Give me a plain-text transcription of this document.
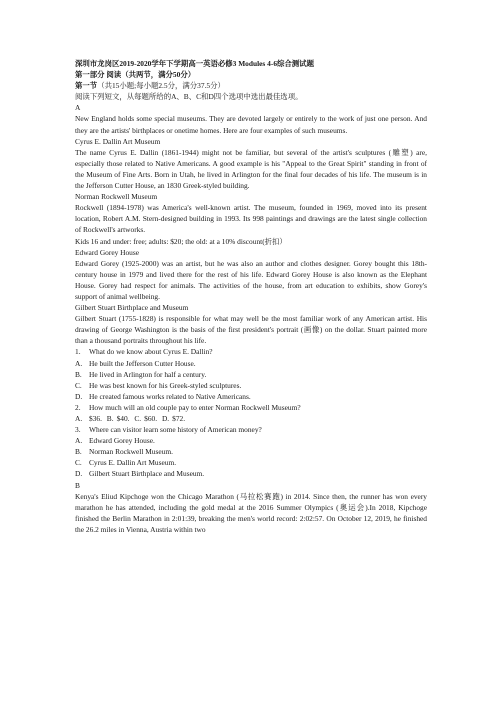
深圳市龙岗区2019-2020学年下学期高一英语必修3 Modules 4-6综合测试题

第一部分 阅读（共两节，满分50分）

第一节（共15小题;每小题2.5分，满分37.5分）

阅读下列短文，从每题所给的A、B、C和D四个选项中选出最佳选项。

A

New England holds some special museums. They are devoted largely or entirely to the work of just one person. And they are the artists' birthplaces or onetime homes. Here are four examples of such museums.

Cyrus E. Dallin Art Museum

The name Cyrus E. Dallin (1861-1944) might not be familiar, but several of the artist's sculptures (雕塑) are, especially those related to Native Americans. A good example is his "Appeal to the Great Spirit" standing in front of the Museum of Fine Arts. Born in Utah, he lived in Arlington for the final four decades of his life. The museum is in the Jefferson Cutter House, an 1830 Greek-styled building.

Norman Rockwell Museum

Rockwell (1894-1978) was America's well-known artist. The museum, founded in 1969, moved into its present location, Robert A.M. Stern-designed building in 1993. Its 998 paintings and drawings are the latest single collection of Rockwell's artworks.

Kids 16 and under: free; adults: $20; the old: at a 10% discount(折扣）

Edward Gorey House

Edward Gorey (1925-2000) was an artist, but he was also an author and clothes designer. Gorey bought this 18th-century house in 1979 and lived there for the rest of his life. Edward Gorey House is also known as the Elephant House. Gorey had respect for animals. The activities of the house, from art education to exhibits, show Gorey's support of animal wellbeing.

Gilbert Stuart Birthplace and Museum

Gilbert Stuart (1755-1828) is responsible for what may well be the most familiar work of any American artist. His drawing of George Washington is the basis of the first president's portrait (画像) on the dollar. Stuart painted more than a thousand portraits throughout his life.

1.	What do we know about Cyrus E. Dallin?

A. He built the Jefferson Cutter House.

B. He lived in Arlington for half a century.

C. He was best known for his Greek-styled sculptures.

D. He created famous works related to Native Americans.

2.	How much will an old couple pay to enter Norman Rockwell Museum?

A. $36. B. $40. C. $60. D. $72.

3.	Where can visitor learn some history of American money?

A. Edward Gorey House.

B. Norman Rockwell Museum.

C. Cyrus E. Dallin Art Museum.

D. Gilbert Stuart Birthplace and Museum.

B

Kenya's Eliud Kipchoge won the Chicago Marathon (马拉松赛跑) in 2014. Since then, the runner has won every marathon he has attended, including the gold medal at the 2016 Summer Olympics (奥运会).In 2018, Kipchoge finished the Berlin Marathon in 2:01:39, breaking the men's world record: 2:02:57. On October 12, 2019, he finished the 26.2 miles in Vienna, Austria within two
